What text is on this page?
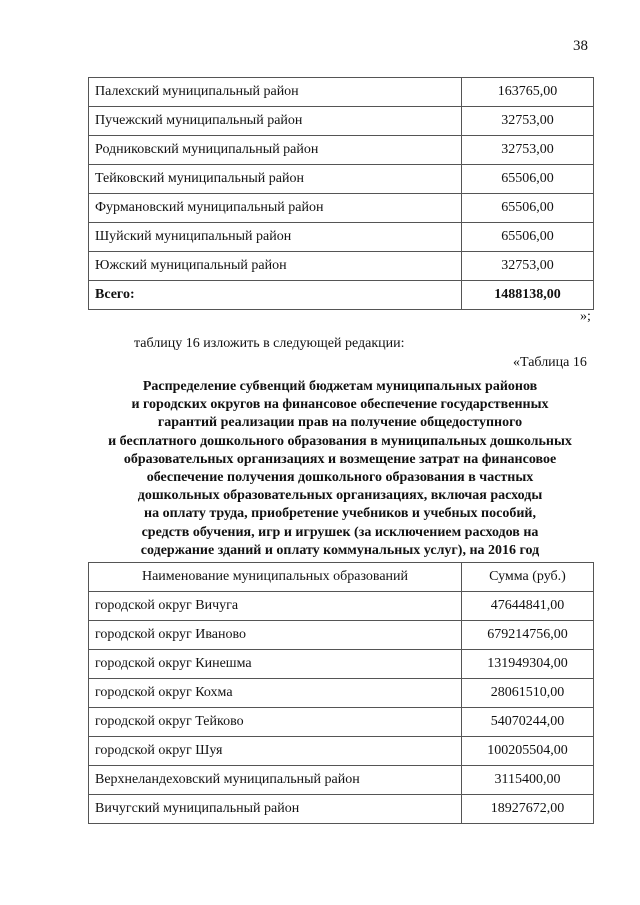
38
Палехский муниципальный район	163765,00
Пучежский муниципальный район	32753,00
Родниковский муниципальный район	32753,00
Тейковский муниципальный район	65506,00
Фурмановский муниципальный район	65506,00
Шуйский муниципальный район	65506,00
Южский муниципальный район	32753,00
Всего:	1488138,00
»;
таблицу 16 изложить в следующей редакции:
«Таблица 16
Распределение субвенций бюджетам муниципальных районов
и городских округов на финансовое обеспечение государственных
гарантий реализации прав на получение общедоступного
и бесплатного дошкольного образования в муниципальных дошкольных
образовательных организациях и возмещение затрат на финансовое
обеспечение получения дошкольного образования в частных
дошкольных образовательных организациях, включая расходы
на оплату труда, приобретение учебников и учебных пособий,
средств обучения, игр и игрушек (за исключением расходов на
содержание зданий и оплату коммунальных услуг), на 2016 год
Наименование муниципальных образований	Сумма (руб.)
городской округ Вичуга	47644841,00
городской округ Иваново	679214756,00
городской округ Кинешма	131949304,00
городской округ Кохма	28061510,00
городской округ Тейково	54070244,00
городской округ Шуя	100205504,00
Верхнеландеховский муниципальный район	3115400,00
Вичугский муниципальный район	18927672,00
